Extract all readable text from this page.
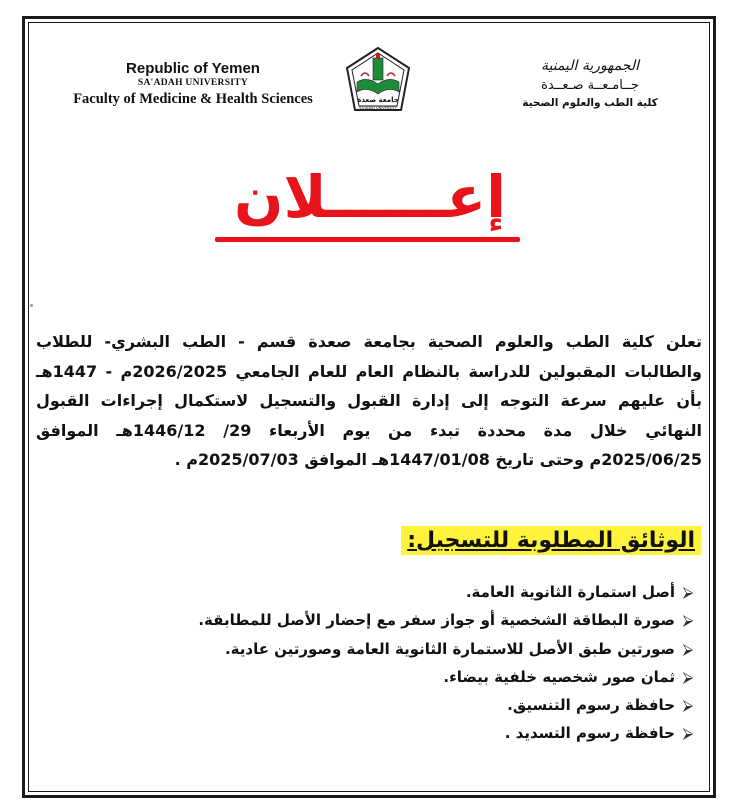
Republic of Yemen
SA'ADAH UNIVERSITY
Faculty of Medicine & Health Sciences	جامعة صعدة
SA'ADAH UNIVERSITY
الجمهورية اليمنية
جــامـعــة صـعــدة
كلية الطب والعلوم الصحية
إعــــــلان
تعلن كلية الطب والعلوم الصحية بجامعة صعدة قسم - الطب البشري- للطلاب
والطالبات المقبولين للدراسة بالنظام العام للعام الجامعي 2026/2025م - 1447هـ
بأن عليهم سرعة التوجه إلى إدارة القبول والتسجيل لاستكمال إجراءات القبول
النهائي خلال مدة محددة تبدء من يوم الأربعاء 29/ 1446/12هـ الموافق
2025/06/25م وحتى تاريخ 1447/01/08هـ الموافق 2025/07/03م .
الوثائق المطلوبة للتسجيل:
⮚أصل استمارة الثانوية العامة.
⮚صورة البطاقة الشخصية أو جواز سفر مع إحضار الأصل للمطابقة.
⮚صورتين طبق الأصل للاستمارة الثانوية العامة وصورتين عادية.
⮚ثمان صور شخصيه خلفية بيضاء.
⮚حافظة رسوم التنسيق.
⮚حافظة رسوم التسديد .
